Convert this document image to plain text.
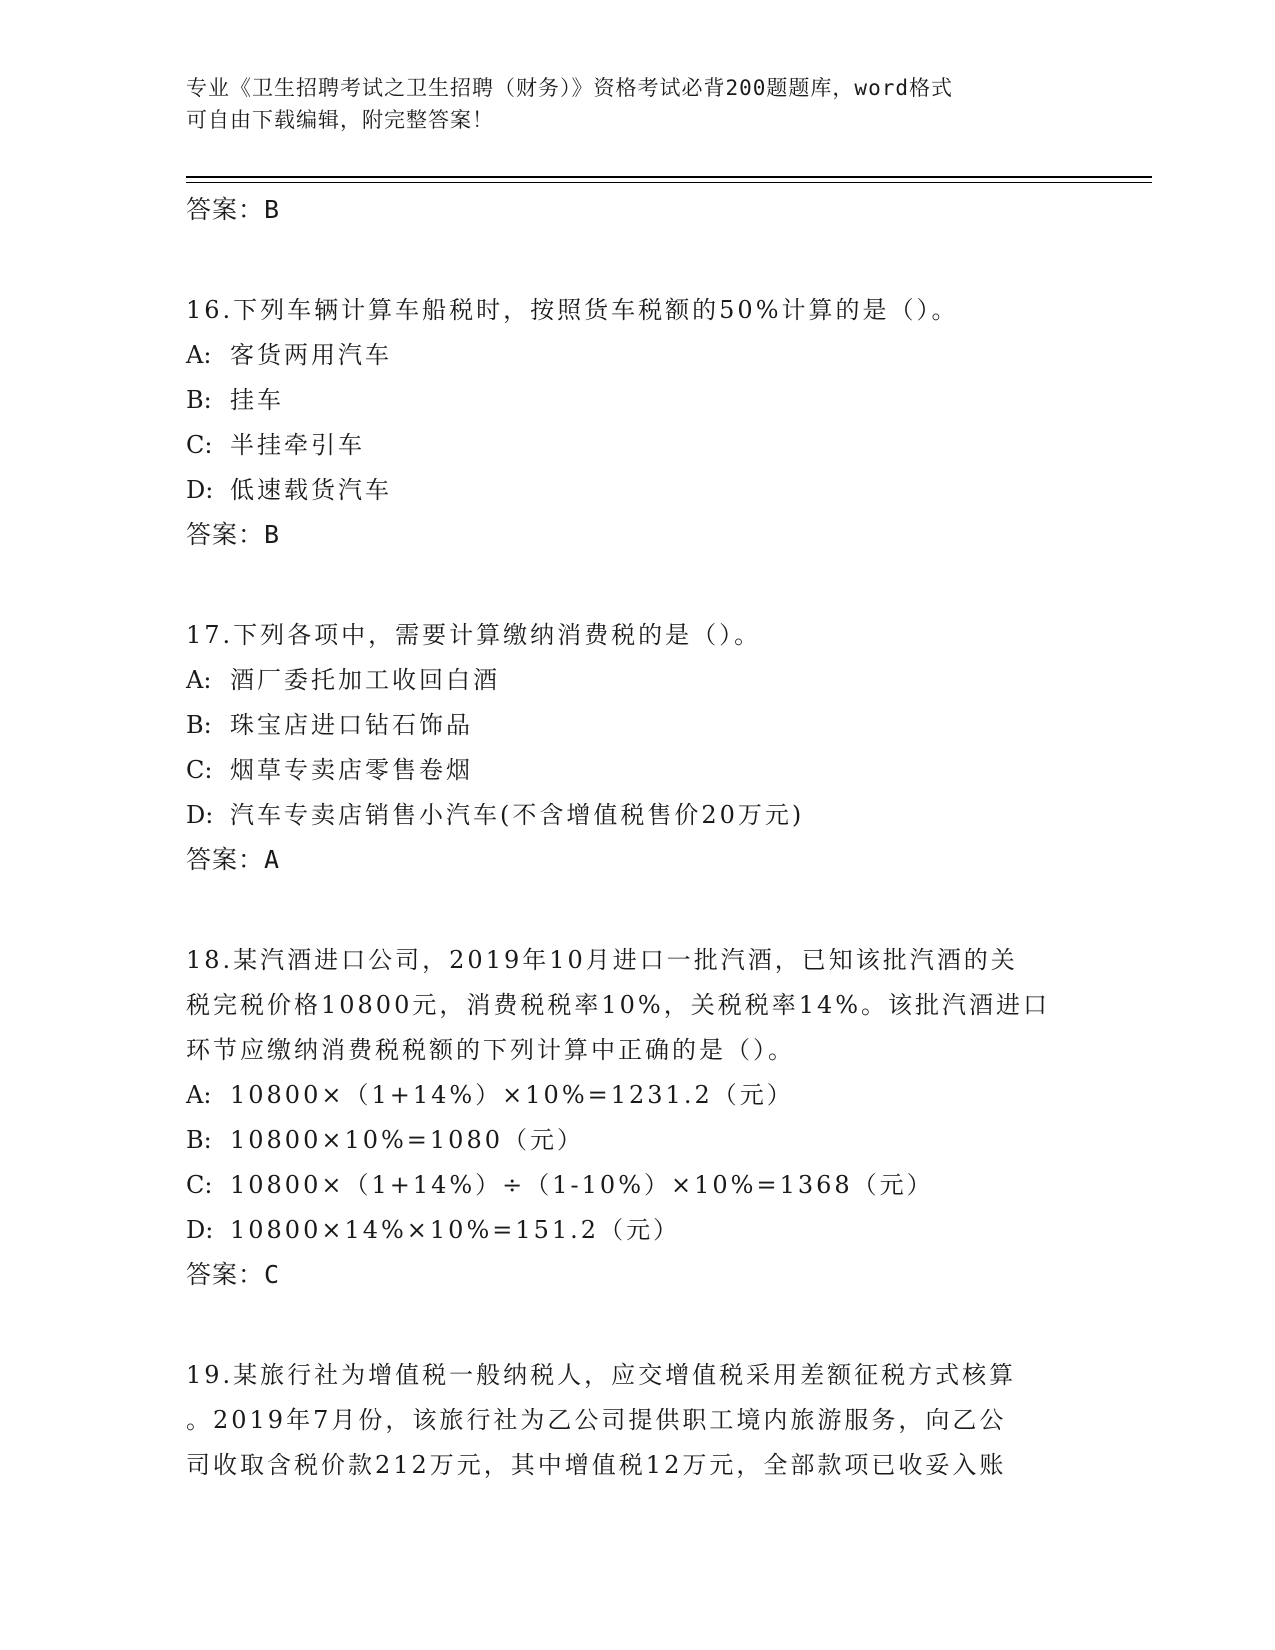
专业《卫生招聘考试之卫生招聘（财务）》资格考试必背200题题库，word格式
可自由下载编辑，附完整答案！
答案：B
16.下列车辆计算车船税时，按照货车税额的50%计算的是（）。
A: 客货两用汽车
B: 挂车
C: 半挂牵引车
D: 低速载货汽车
答案：B
17.下列各项中，需要计算缴纳消费税的是（）。
A: 酒厂委托加工收回白酒
B: 珠宝店进口钻石饰品
C: 烟草专卖店零售卷烟
D: 汽车专卖店销售小汽车(不含增值税售价20万元)
答案：A
18.某汽酒进口公司，2019年10月进口一批汽酒，已知该批汽酒的关
税完税价格10800元，消费税税率10%，关税税率14%。该批汽酒进口
环节应缴纳消费税税额的下列计算中正确的是（）。
A: 10800×（1+14%）×10%=1231.2（元）
B: 10800×10%=1080（元）
C: 10800×（1+14%）÷（1-10%）×10%=1368（元）
D: 10800×14%×10%=151.2（元）
答案：C
19.某旅行社为增值税一般纳税人，应交增值税采用差额征税方式核算
。2019年7月份，该旅行社为乙公司提供职工境内旅游服务，向乙公
司收取含税价款212万元，其中增值税12万元，全部款项已收妥入账
